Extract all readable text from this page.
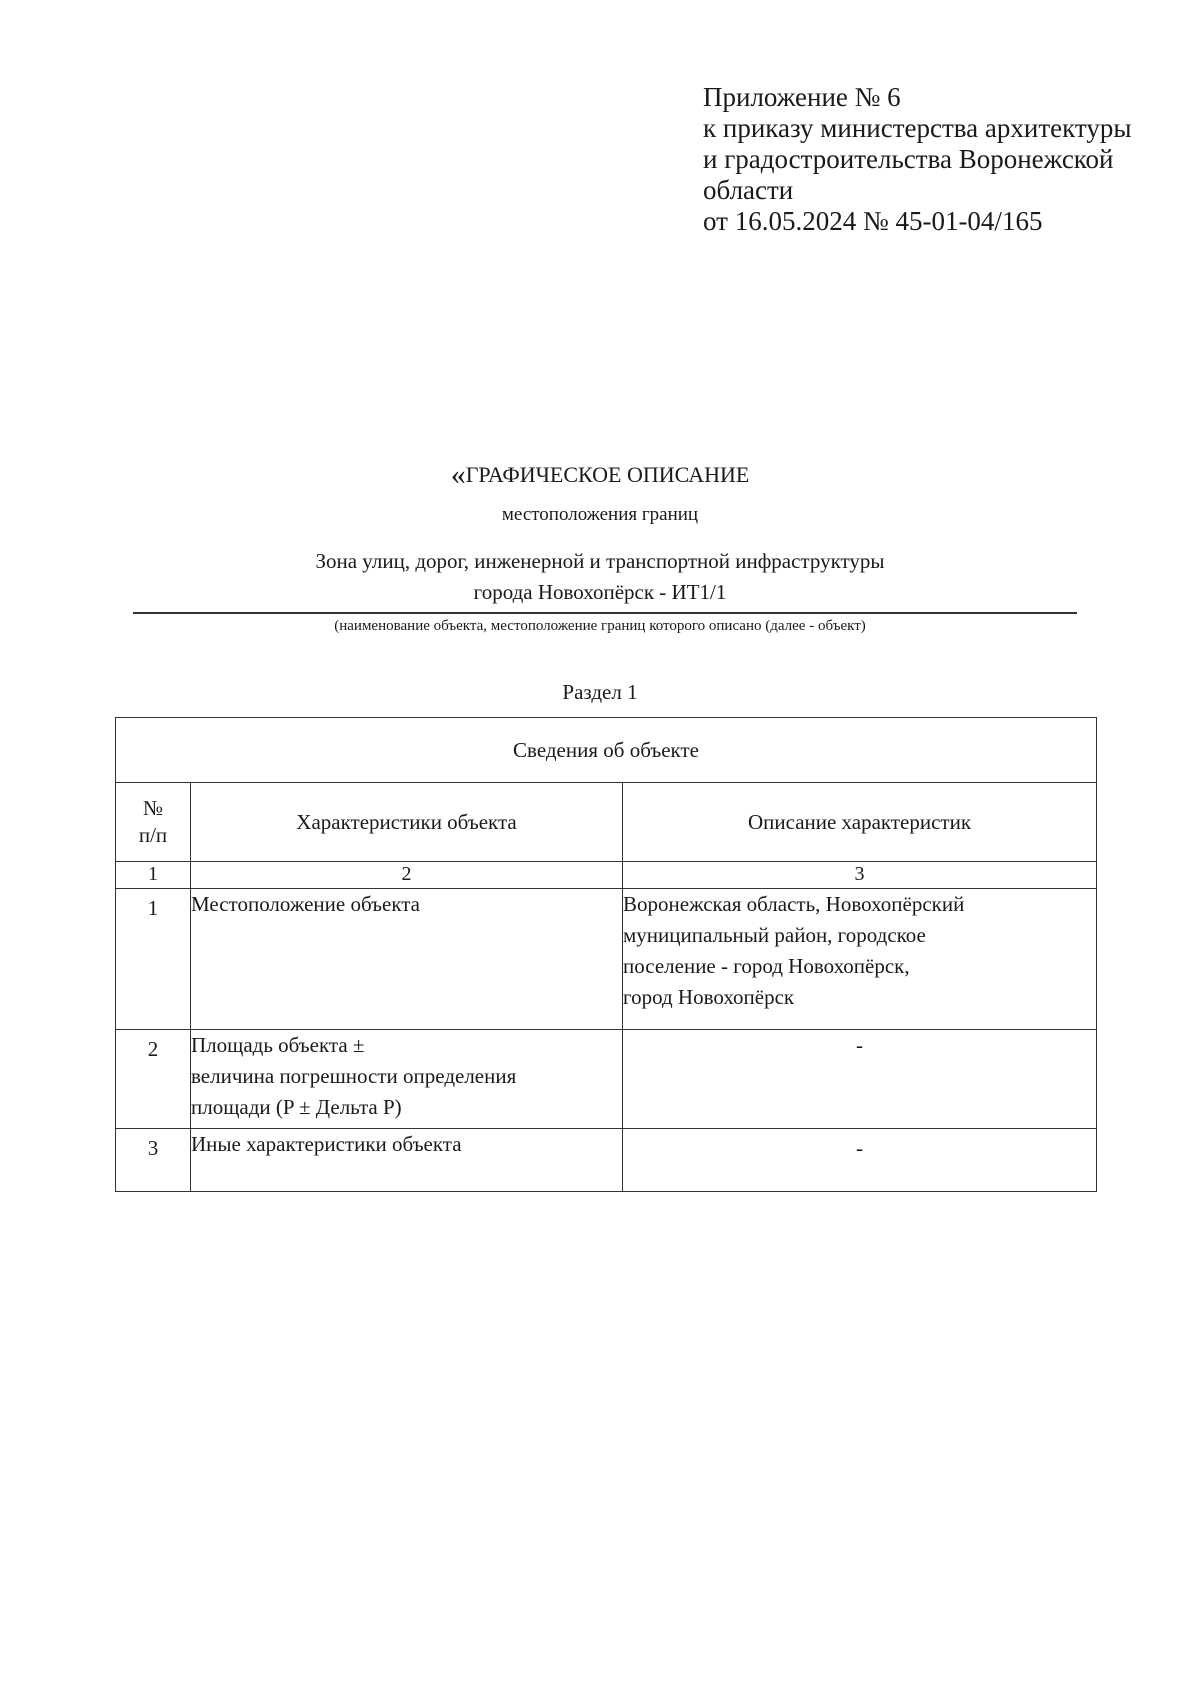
Приложение № 6
к приказу министерства архитектуры
и градостроительства Воронежской
области
от 16.05.2024 № 45-01-04/165
«ГРАФИЧЕСКОЕ ОПИСАНИЕ
местоположения границ
Зона улиц, дорог, инженерной и транспортной инфраструктуры
города Новохопёрск - ИТ1/1
(наименование объекта, местоположение границ которого описано (далее - объект)
Раздел 1
Сведения об объекте		

№
п/п	Характеристики объекта	Описание характеристик
1	2	3

1	Местоположение объекта	Воронежская область, Новохопёрский
муниципальный район, городское
поселение - город Новохопёрск,
город Новохопёрск

2	Площадь объекта ±
величина погрешности определения
площади (P ± Дельта P)	-

3	Иные характеристики объекта	-
